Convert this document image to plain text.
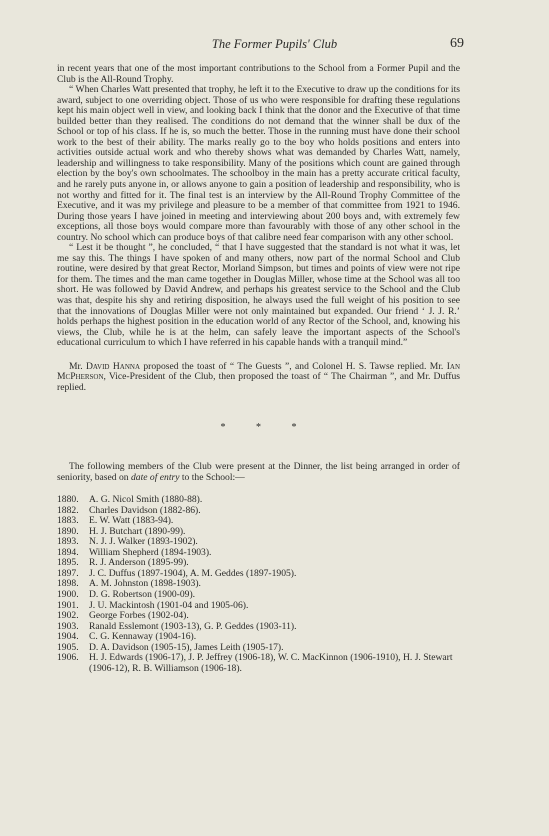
The Former Pupils' Club	69

in recent years that one of the most important contributions to the School from a Former Pupil and the Club is the All-Round Trophy.

“ When Charles Watt presented that trophy, he left it to the Executive to draw up the conditions for its award, subject to one overriding object. Those of us who were responsible for drafting these regulations kept his main object well in view, and looking back I think that the donor and the Executive of that time builded better than they realised. The conditions do not demand that the winner shall be dux of the School or top of his class. If he is, so much the better. Those in the running must have done their school work to the best of their ability. The marks really go to the boy who holds positions and enters into activities outside actual work and who thereby shows what was demanded by Charles Watt, namely, leadership and willingness to take responsibility. Many of the positions which count are gained through election by the boy's own schoolmates. The schoolboy in the main has a pretty accurate critical faculty, and he rarely puts anyone in, or allows anyone to gain a position of leadership and responsibility, who is not worthy and fitted for it. The final test is an interview by the All-Round Trophy Committee of the Executive, and it was my privilege and pleasure to be a member of that committee from 1921 to 1946. During those years I have joined in meeting and interviewing about 200 boys and, with extremely few exceptions, all those boys would compare more than favourably with those of any other school in the country. No school which can produce boys of that calibre need fear comparison with any other school.

“ Lest it be thought ”, he concluded, “ that I have suggested that the standard is not what it was, let me say this. The things I have spoken of and many others, now part of the normal School and Club routine, were desired by that great Rector, Morland Simpson, but times and points of view were not ripe for them. The times and the man came together in Douglas Miller, whose time at the School was all too short. He was followed by David Andrew, and perhaps his greatest service to the School and the Club was that, despite his shy and retiring disposition, he always used the full weight of his position to see that the innovations of Douglas Miller were not only maintained but expanded. Our friend ‘ J. J. R.’ holds perhaps the highest position in the education world of any Rector of the School, and, knowing his views, the Club, while he is at the helm, can safely leave the important aspects of the School's educational curriculum to which I have referred in his capable hands with a tranquil mind.”

Mr. David Hanna proposed the toast of “ The Guests ”, and Colonel H. S. Tawse replied. Mr. Ian McPherson, Vice-President of the Club, then proposed the toast of “ The Chairman ”, and Mr. Duffus replied.

* * *

The following members of the Club were present at the Dinner, the list being arranged in order of seniority, based on date of entry to the School:—

1880.	A. G. Nicol Smith (1880-88).
1882.	Charles Davidson (1882-86).
1883.	E. W. Watt (1883-94).
1890.	H. J. Butchart (1890-99).
1893.	N. J. J. Walker (1893-1902).
1894.	William Shepherd (1894-1903).
1895.	R. J. Anderson (1895-99).
1897.	J. C. Duffus (1897-1904), A. M. Geddes (1897-1905).
1898.	A. M. Johnston (1898-1903).
1900.	D. G. Robertson (1900-09).
1901.	J. U. Mackintosh (1901-04 and 1905-06).
1902.	George Forbes (1902-04).
1903.	Ranald Esslemont (1903-13), G. P. Geddes (1903-11).
1904.	C. G. Kennaway (1904-16).
1905.	D. A. Davidson (1905-15), James Leith (1905-17).
1906.	H. J. Edwards (1906-17), J. P. Jeffrey (1906-18), W. C. MacKinnon (1906-1910), H. J. Stewart (1906-12), R. B. Williamson (1906-18).
